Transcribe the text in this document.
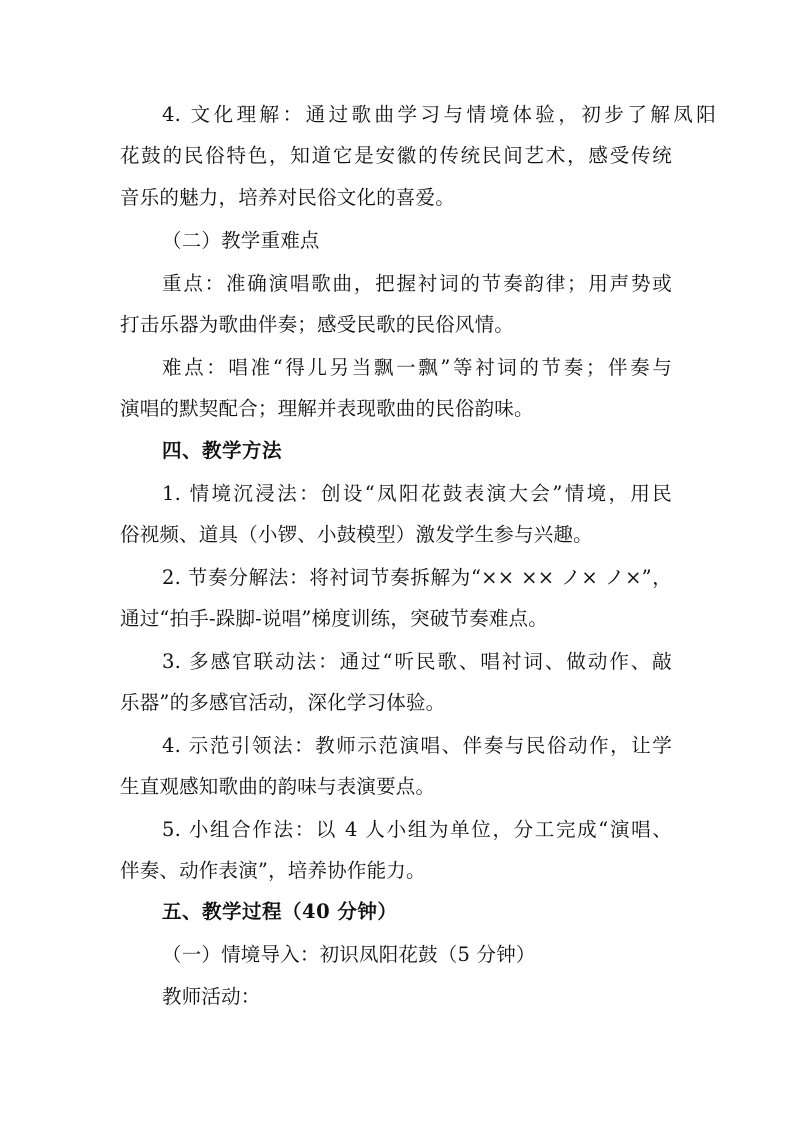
4. 文化理解：通过歌曲学习与情境体验，初步了解凤阳
花鼓的民俗特色，知道它是安徽的传统民间艺术，感受传统
音乐的魅力，培养对民俗文化的喜爱。
（二）教学重难点
重点：准确演唱歌曲，把握衬词的节奏韵律；用声势或
打击乐器为歌曲伴奏；感受民歌的民俗风情。
难点：唱准“得儿另当飘一飘”等衬词的节奏；伴奏与
演唱的默契配合；理解并表现歌曲的民俗韵味。
四、教学方法
1. 情境沉浸法：创设“凤阳花鼓表演大会”情境，用民
俗视频、道具（小锣、小鼓模型）激发学生参与兴趣。
2. 节奏分解法：将衬词节奏拆解为“×× ×× ノ× ノ×”，
通过“拍手-跺脚-说唱”梯度训练，突破节奏难点。
3. 多感官联动法：通过“听民歌、唱衬词、做动作、敲
乐器”的多感官活动，深化学习体验。
4. 示范引领法：教师示范演唱、伴奏与民俗动作，让学
生直观感知歌曲的韵味与表演要点。
5. 小组合作法：以 4 人小组为单位，分工完成“演唱、
伴奏、动作表演”，培养协作能力。
五、教学过程（40 分钟）
（一）情境导入：初识凤阳花鼓（5 分钟）
教师活动：
